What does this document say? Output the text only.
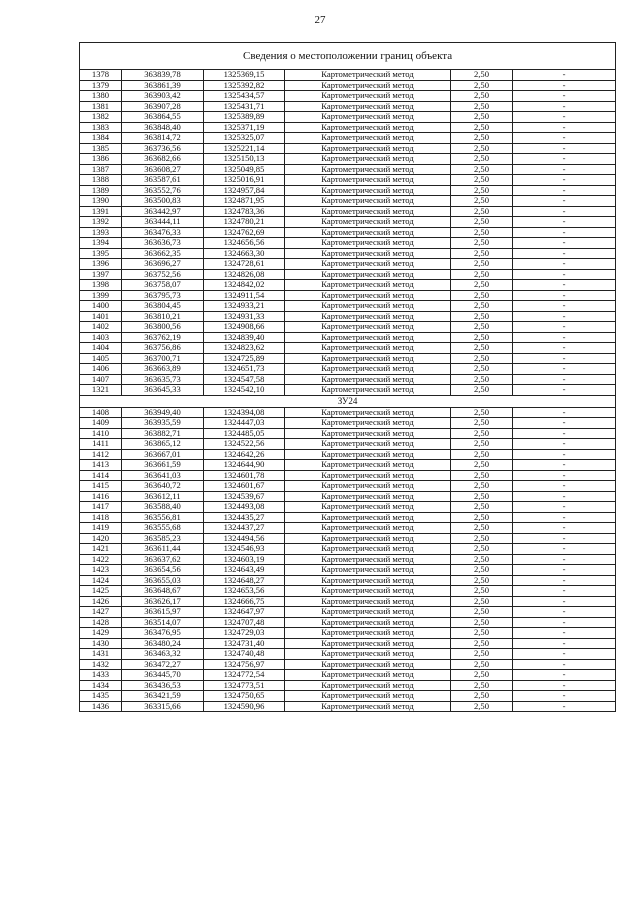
27
Сведения о местоположении границ объекта					
1378	363839,78	1325369,15	Картометрический метод	2,50	-
1379	363861,39	1325392,82	Картометрический метод	2,50	-
1380	363903,42	1325434,57	Картометрический метод	2,50	-
1381	363907,28	1325431,71	Картометрический метод	2,50	-
1382	363864,55	1325389,89	Картометрический метод	2,50	-
1383	363848,40	1325371,19	Картометрический метод	2,50	-
1384	363814,72	1325325,07	Картометрический метод	2,50	-
1385	363736,56	1325221,14	Картометрический метод	2,50	-
1386	363682,66	1325150,13	Картометрический метод	2,50	-
1387	363608,27	1325049,85	Картометрический метод	2,50	-
1388	363587,61	1325016,91	Картометрический метод	2,50	-
1389	363552,76	1324957,84	Картометрический метод	2,50	-
1390	363500,83	1324871,95	Картометрический метод	2,50	-
1391	363442,97	1324783,36	Картометрический метод	2,50	-
1392	363444,11	1324780,21	Картометрический метод	2,50	-
1393	363476,33	1324762,69	Картометрический метод	2,50	-
1394	363636,73	1324656,56	Картометрический метод	2,50	-
1395	363662,35	1324663,30	Картометрический метод	2,50	-
1396	363696,27	1324728,61	Картометрический метод	2,50	-
1397	363752,56	1324826,08	Картометрический метод	2,50	-
1398	363758,07	1324842,02	Картометрический метод	2,50	-
1399	363795,73	1324911,54	Картометрический метод	2,50	-
1400	363804,45	1324933,21	Картометрический метод	2,50	-
1401	363810,21	1324931,33	Картометрический метод	2,50	-
1402	363800,56	1324908,66	Картометрический метод	2,50	-
1403	363762,19	1324839,40	Картометрический метод	2,50	-
1404	363756,86	1324823,62	Картометрический метод	2,50	-
1405	363700,71	1324725,89	Картометрический метод	2,50	-
1406	363663,89	1324651,73	Картометрический метод	2,50	-
1407	363635,73	1324547,58	Картометрический метод	2,50	-
1321	363645,33	1324542,10	Картометрический метод	2,50	-
ЗУ24					
1408	363949,40	1324394,08	Картометрический метод	2,50	-
1409	363935,59	1324447,03	Картометрический метод	2,50	-
1410	363882,71	1324485,05	Картометрический метод	2,50	-
1411	363865,12	1324522,56	Картометрический метод	2,50	-
1412	363667,01	1324642,26	Картометрический метод	2,50	-
1413	363661,59	1324644,90	Картометрический метод	2,50	-
1414	363641,03	1324601,78	Картометрический метод	2,50	-
1415	363640,72	1324601,67	Картометрический метод	2,50	-
1416	363612,11	1324539,67	Картометрический метод	2,50	-
1417	363588,40	1324493,08	Картометрический метод	2,50	-
1418	363556,81	1324435,27	Картометрический метод	2,50	-
1419	363555,68	1324437,27	Картометрический метод	2,50	-
1420	363585,23	1324494,56	Картометрический метод	2,50	-
1421	363611,44	1324546,93	Картометрический метод	2,50	-
1422	363637,62	1324603,19	Картометрический метод	2,50	-
1423	363654,56	1324643,49	Картометрический метод	2,50	-
1424	363655,03	1324648,27	Картометрический метод	2,50	-
1425	363648,67	1324653,56	Картометрический метод	2,50	-
1426	363626,17	1324666,75	Картометрический метод	2,50	-
1427	363615,97	1324647,97	Картометрический метод	2,50	-
1428	363514,07	1324707,48	Картометрический метод	2,50	-
1429	363476,95	1324729,03	Картометрический метод	2,50	-
1430	363480,24	1324731,40	Картометрический метод	2,50	-
1431	363463,32	1324740,48	Картометрический метод	2,50	-
1432	363472,27	1324756,97	Картометрический метод	2,50	-
1433	363445,70	1324772,54	Картометрический метод	2,50	-
1434	363436,53	1324773,51	Картометрический метод	2,50	-
1435	363421,59	1324750,65	Картометрический метод	2,50	-
1436	363315,66	1324590,96	Картометрический метод	2,50	-
